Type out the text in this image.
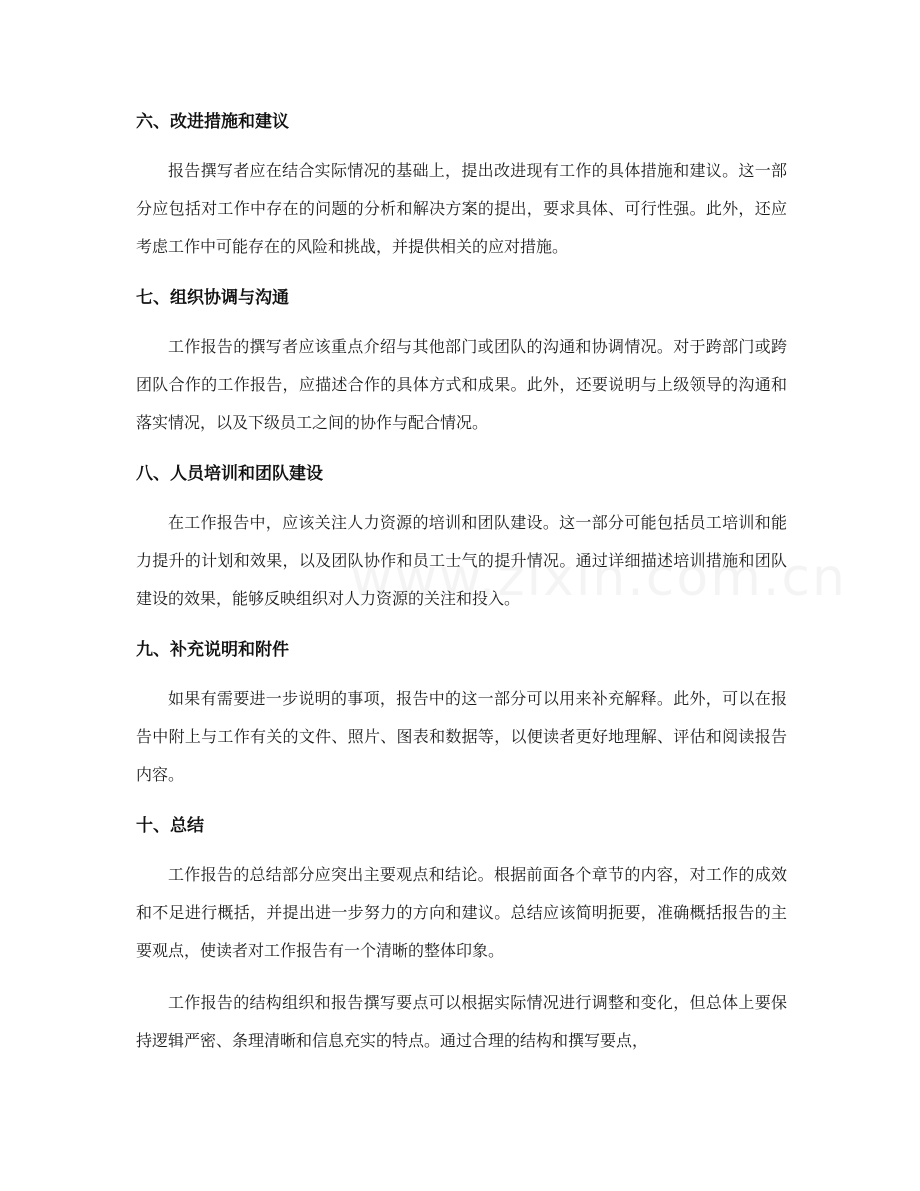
六、改进措施和建议

报告撰写者应在结合实际情况的基础上，提出改进现有工作的具体措施和建议。这一部分应包括对工作中存在的问题的分析和解决方案的提出，要求具体、可行性强。此外，还应考虑工作中可能存在的风险和挑战，并提供相关的应对措施。

七、组织协调与沟通

工作报告的撰写者应该重点介绍与其他部门或团队的沟通和协调情况。对于跨部门或跨团队合作的工作报告，应描述合作的具体方式和成果。此外，还要说明与上级领导的沟通和落实情况，以及下级员工之间的协作与配合情况。

八、人员培训和团队建设

在工作报告中，应该关注人力资源的培训和团队建设。这一部分可能包括员工培训和能力提升的计划和效果，以及团队协作和员工士气的提升情况。通过详细描述培训措施和团队建设的效果，能够反映组织对人力资源的关注和投入。

九、补充说明和附件

如果有需要进一步说明的事项，报告中的这一部分可以用来补充解释。此外，可以在报告中附上与工作有关的文件、照片、图表和数据等，以便读者更好地理解、评估和阅读报告内容。

十、总结

工作报告的总结部分应突出主要观点和结论。根据前面各个章节的内容，对工作的成效和不足进行概括，并提出进一步努力的方向和建议。总结应该简明扼要，准确概括报告的主要观点，使读者对工作报告有一个清晰的整体印象。

工作报告的结构组织和报告撰写要点可以根据实际情况进行调整和变化，但总体上要保持逻辑严密、条理清晰和信息充实的特点。通过合理的结构和撰写要点，
